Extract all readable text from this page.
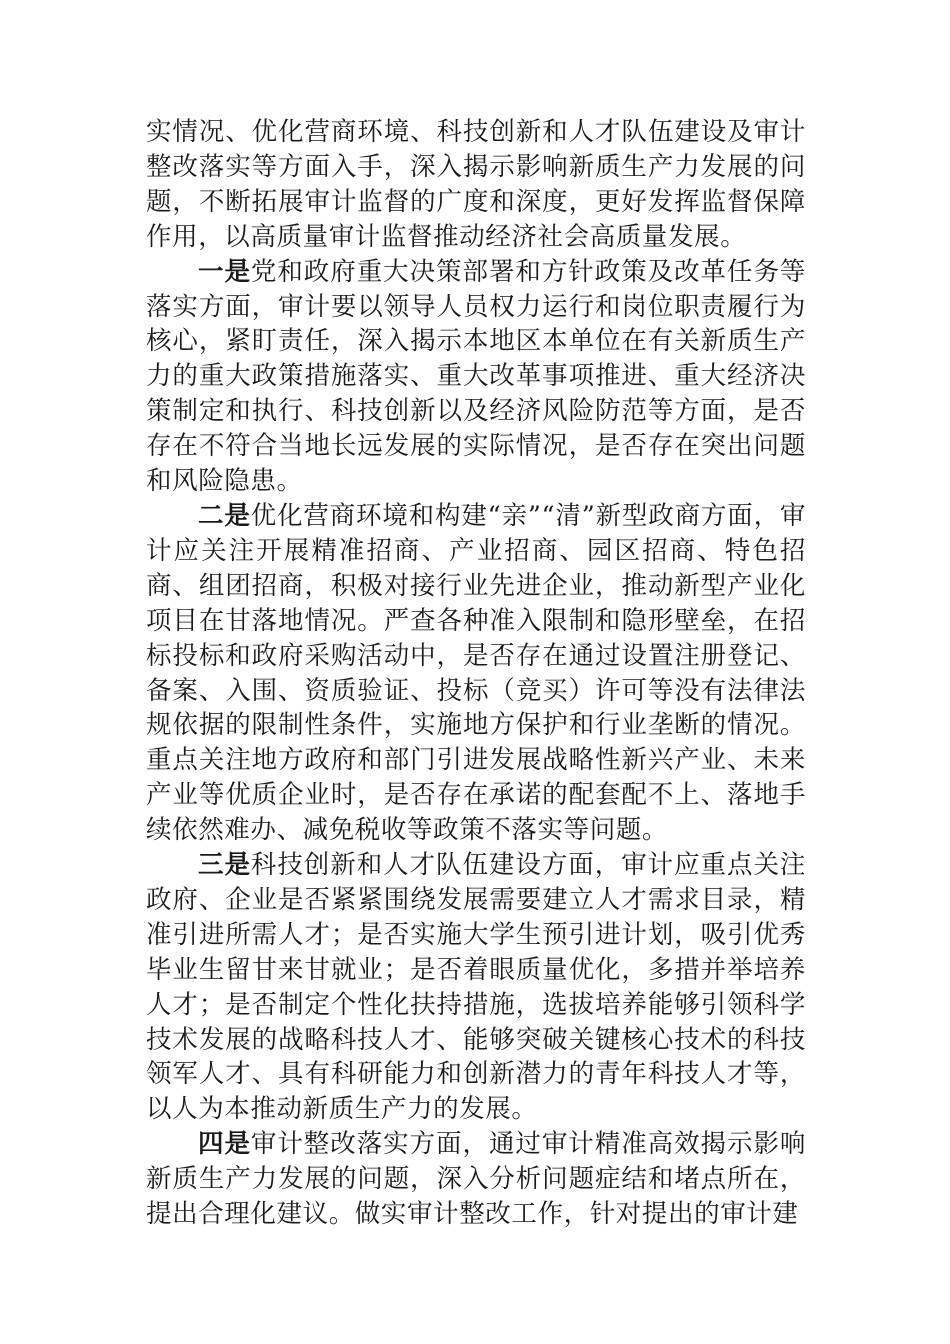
实情况、优化营商环境、科技创新和人才队伍建设及审计整改落实等方面入手，深入揭示影响新质生产力发展的问题，不断拓展审计监督的广度和深度，更好发挥监督保障作用，以高质量审计监督推动经济社会高质量发展。

一是党和政府重大决策部署和方针政策及改革任务等落实方面，审计要以领导人员权力运行和岗位职责履行为核心，紧盯责任，深入揭示本地区本单位在有关新质生产力的重大政策措施落实、重大改革事项推进、重大经济决策制定和执行、科技创新以及经济风险防范等方面，是否存在不符合当地长远发展的实际情况，是否存在突出问题和风险隐患。

二是优化营商环境和构建“亲”“清”新型政商方面，审计应关注开展精准招商、产业招商、园区招商、特色招商、组团招商，积极对接行业先进企业，推动新型产业化项目在甘落地情况。严查各种准入限制和隐形壁垒，在招标投标和政府采购活动中，是否存在通过设置注册登记、备案、入围、资质验证、投标（竞买）许可等没有法律法规依据的限制性条件，实施地方保护和行业垄断的情况。重点关注地方政府和部门引进发展战略性新兴产业、未来产业等优质企业时，是否存在承诺的配套配不上、落地手续依然难办、减免税收等政策不落实等问题。

三是科技创新和人才队伍建设方面，审计应重点关注政府、企业是否紧紧围绕发展需要建立人才需求目录，精准引进所需人才；是否实施大学生预引进计划，吸引优秀毕业生留甘来甘就业；是否着眼质量优化，多措并举培养人才；是否制定个性化扶持措施，选拔培养能够引领科学技术发展的战略科技人才、能够突破关键核心技术的科技领军人才、具有科研能力和创新潜力的青年科技人才等，以人为本推动新质生产力的发展。

四是审计整改落实方面，通过审计精准高效揭示影响新质生产力发展的问题，深入分析问题症结和堵点所在，提出合理化建议。做实审计整改工作，针对提出的审计建
